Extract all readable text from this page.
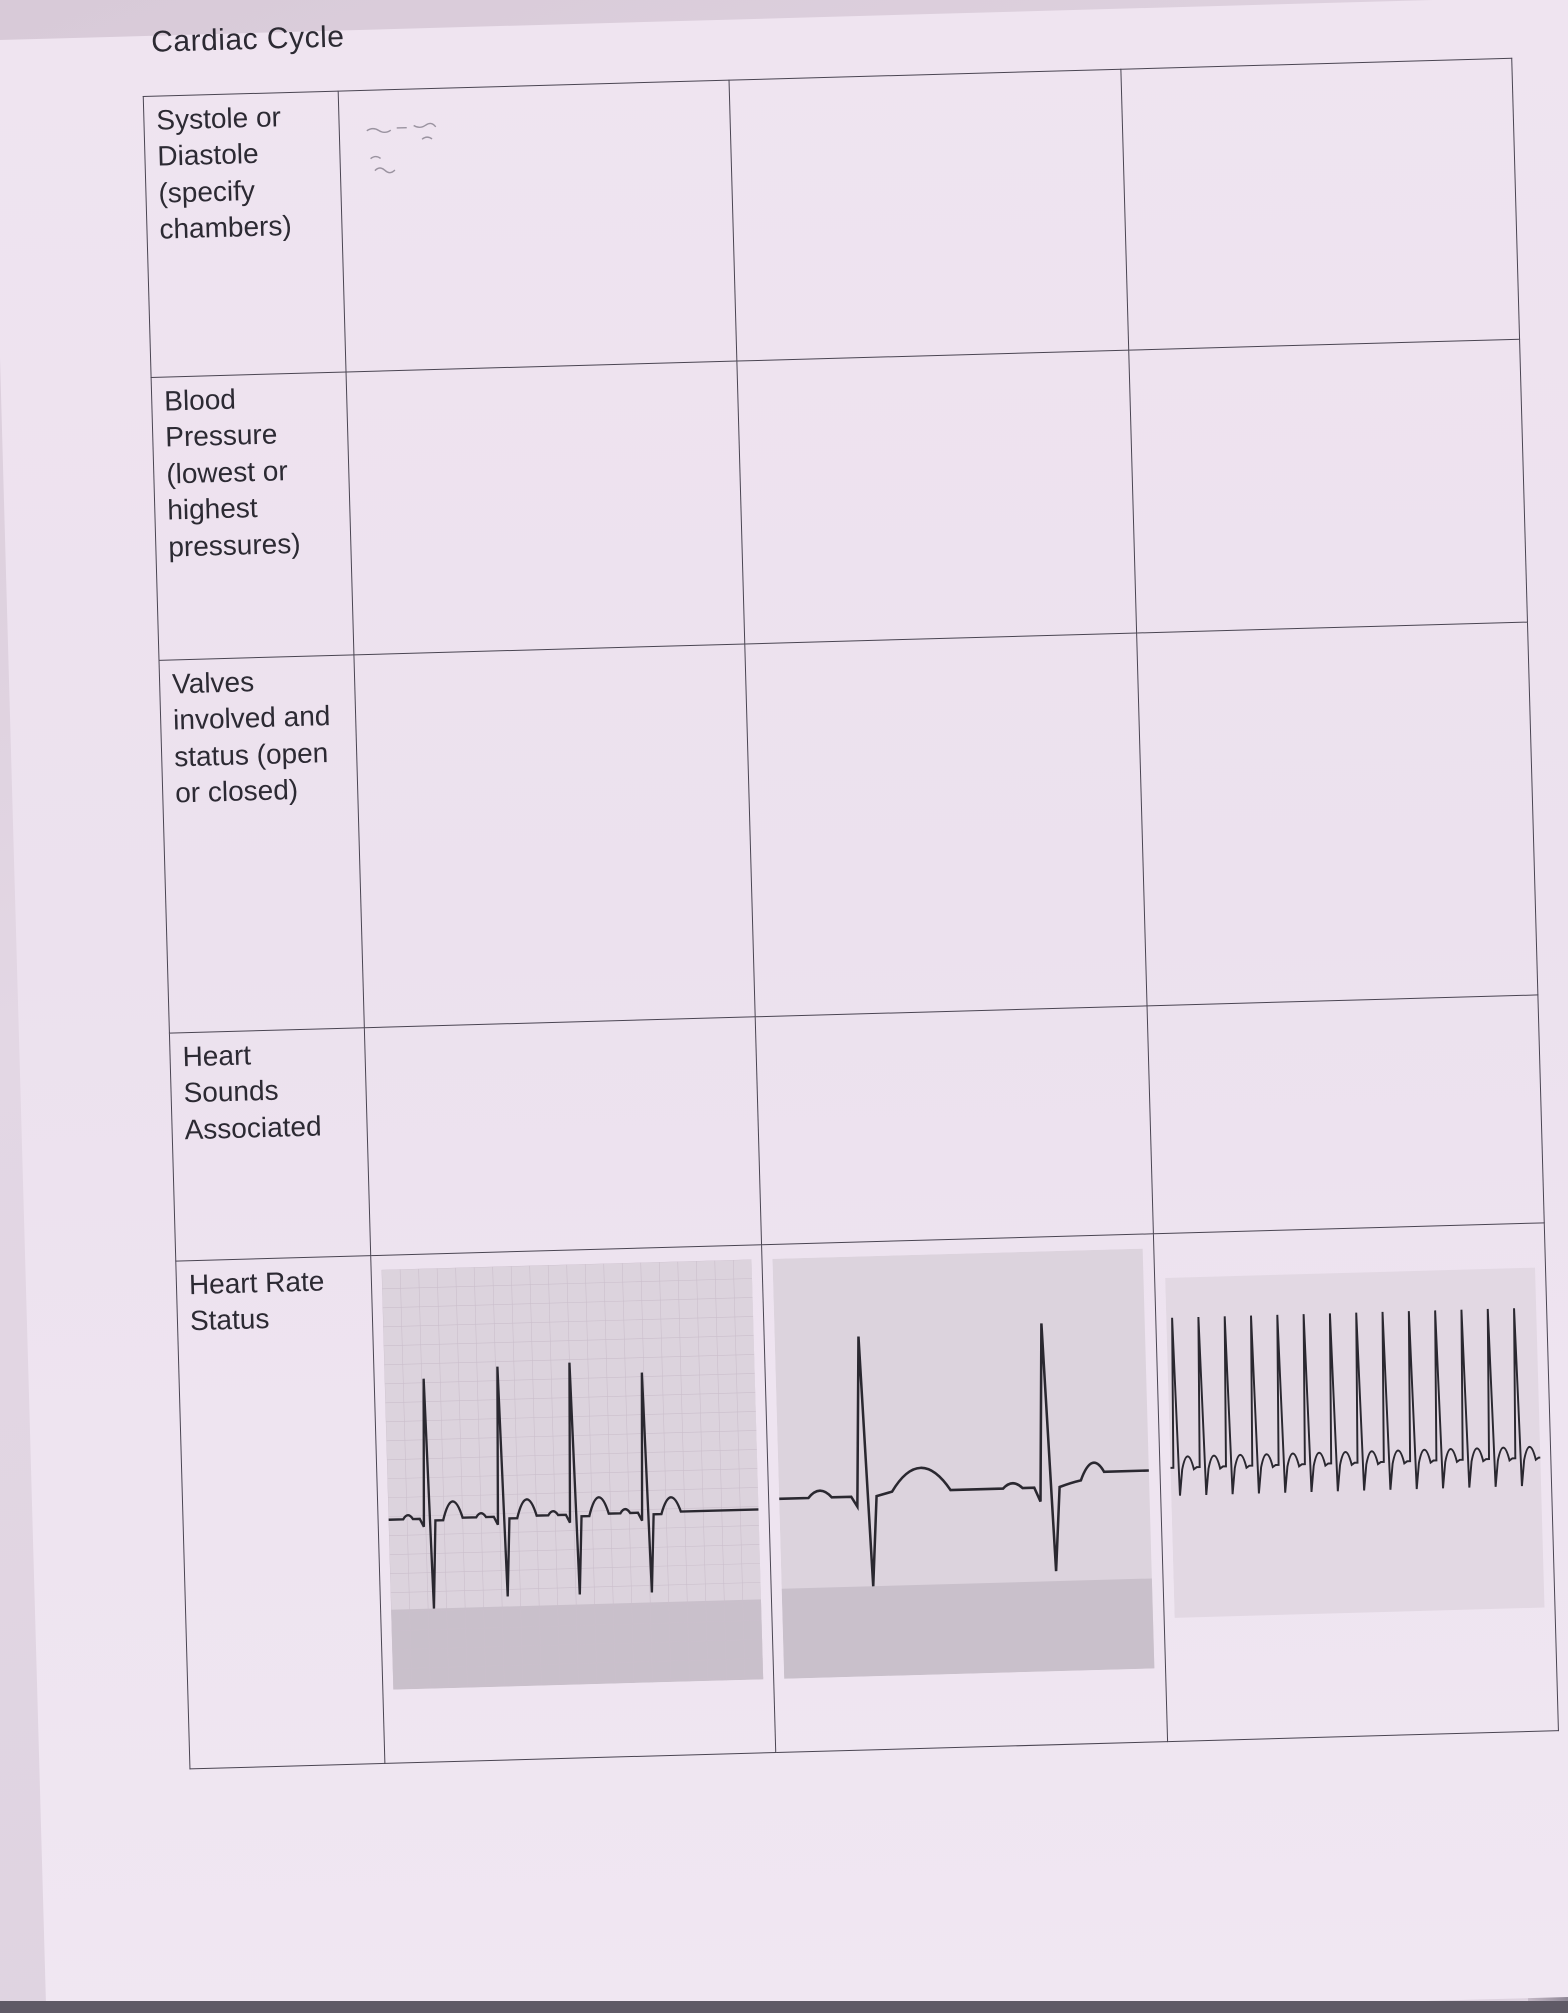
Cardiac Cycle
Systole or Diastole (specify chambers)	

Blood Pressure (lowest or highest pressures)			
Valves involved and status (open or closed)			
Heart Sounds Associated			
Heart Rate Status	
